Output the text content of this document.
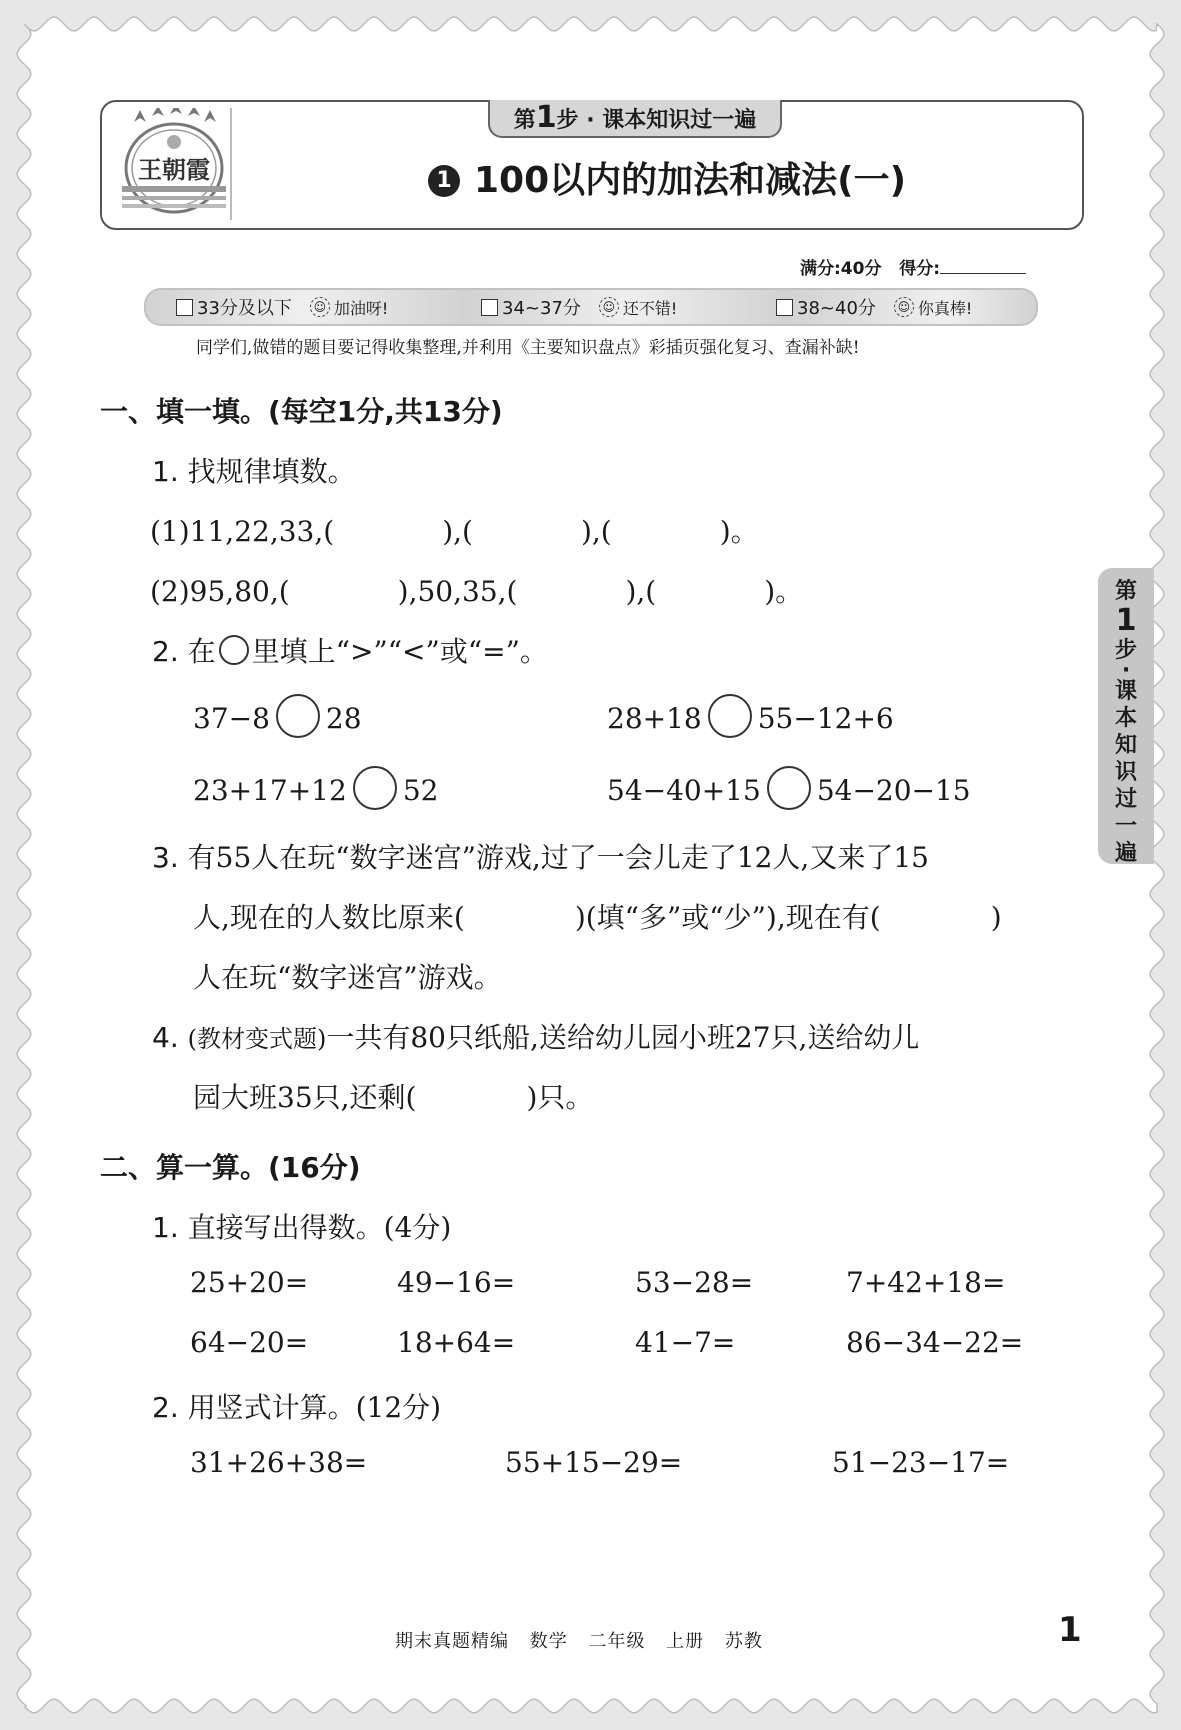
王朝霞
第1步 · 课本知识过一遍
1 100以内的加法和减法(一)
满分:40分 得分:
33分及以下	☺ 加油呀!	34~37分	☺ 还不错!	38~40分	☺ 你真棒!
同学们,做错的题目要记得收集整理,并利用《主要知识盘点》彩插页强化复习、查漏补缺!
一、填一填。(每空1分,共13分)
1. 找规律填数。
(1)11,22,33,(	),(	),(	)。
(2)95,80,(	),50,35,(	),(	)。
2. 在 里填上“>”“<”或“=”。
37−8 28	28+18 55−12+6
23+17+12 52	54−40+15 54−20−15
3. 有55人在玩“数字迷宫”游戏,过了一会儿走了12人,又来了15
人,现在的人数比原来(	)(填“多”或“少”),现在有(	)
人在玩“数字迷宫”游戏。
4. (教材变式题)一共有80只纸船,送给幼儿园小班27只,送给幼儿
园大班35只,还剩(	)只。
二、算一算。(16分)
1. 直接写出得数。(4分)
25+20=	49−16=	53−28=	7+42+18=
64−20=	18+64=	41−7=	86−34−22=
2. 用竖式计算。(12分)
31+26+38=	55+15−29=	51−23−17=
第
1
步
·
课
本
知
识
过
一
遍
期末真题精编 数学 二年级 上册 苏教	1
